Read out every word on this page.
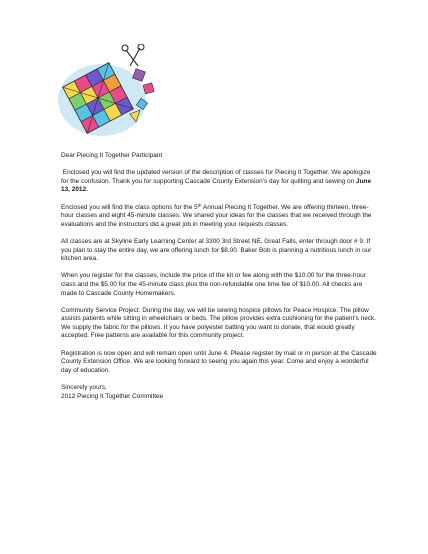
Dear Piecing It Together Participant

Enclosed you will find the updated version of the description of classes for Piecing It Together. We apologize for the confusion. Thank you for supporting Cascade County Extension’s day for quilting and sewing on June 13, 2012.

Enclosed you will find the class options for the 5th Annual Piecing It Together. We are offering thirteen, three-hour classes and eight 45-minute classes. We shared your ideas for the classes that we received through the evaluations and the instructors did a great job in meeting your requests classes.

All classes are at Skyline Early Learning Center at 3300 3rd Street NE, Great Falls, enter through door # 9. If you plan to stay the entire day, we are offering lunch for $8.00. Baker Bob is planning a nutritious lunch in our kitchen area.

When you register for the classes, include the price of the kit or fee along with the $10.00 for the three-hour class and the $5.00 for the 45-minute class plus the non-refundable one time fee of $10.00. All checks are made to Cascade County Homemakers.

Community Service Project: During the day, we will be sewing hospice pillows for Peace Hospice. The pillow assists patients while sitting in wheelchairs or beds. The pillow provides extra cushioning for the patient’s neck. We supply the fabric for the pillows. It you have polyester batting you want to donate, that would greatly accepted. Free patterns are available for this community project.

Registration is now open and will remain open until June 4. Please register by mail or in person at the Cascade County Extension Office. We are looking forward to seeing you again this year. Come and enjoy a wonderful day of education.

Sincerely yours,
2012 Piecing It Together Committee
